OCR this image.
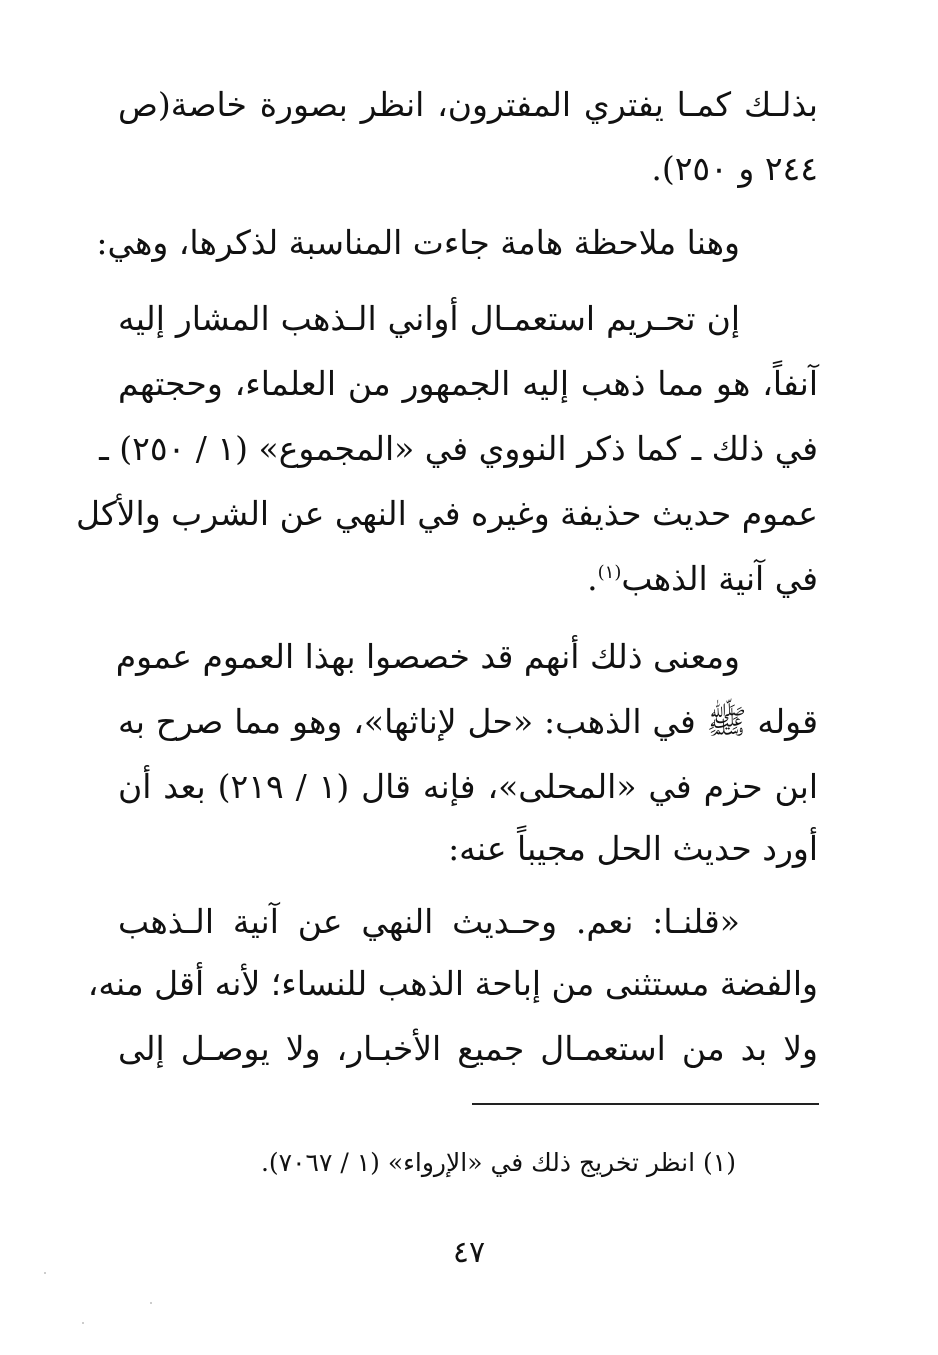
بذلـك كمـا يفتري المفترون، انظر بصورة خاصة(ص
٢٤٤ و ٢٥٠).
وهنا ملاحظة هامة جاءت المناسبة لذكرها، وهي:
إن تحـريم استعمـال أواني الـذهب المشار إليه
آنفاً، هو مما ذهب إليه الجمهور من العلماء، وحجتهم
في ذلك ـ كما ذكر النووي في «المجموع» (١ / ٢٥٠) ـ
عموم حديث حذيفة وغيره في النهي عن الشرب والأكل
في آنية الذهب$^{(١)}$.
ومعنى ذلك أنهم قد خصصوا بهذا العموم عموم
قوله ﷺ في الذهب: «حل لإناثها»، وهو مما صرح به
ابن حزم في «المحلى»، فإنه قال (١ / ٢١٩) بعد أن
أورد حديث الحل مجيباً عنه:
«قلنـا: نعم. وحـديث النهي عن آنية الـذهب
والفضة مستثنى من إباحة الذهب للنساء؛ لأنه أقل منه،
ولا بد من استعمـال جميع الأخبـار، ولا يوصـل إلى
(١) انظر تخريج ذلك في «الإرواء» (١ / ٧٠٦٧).
٤٧
